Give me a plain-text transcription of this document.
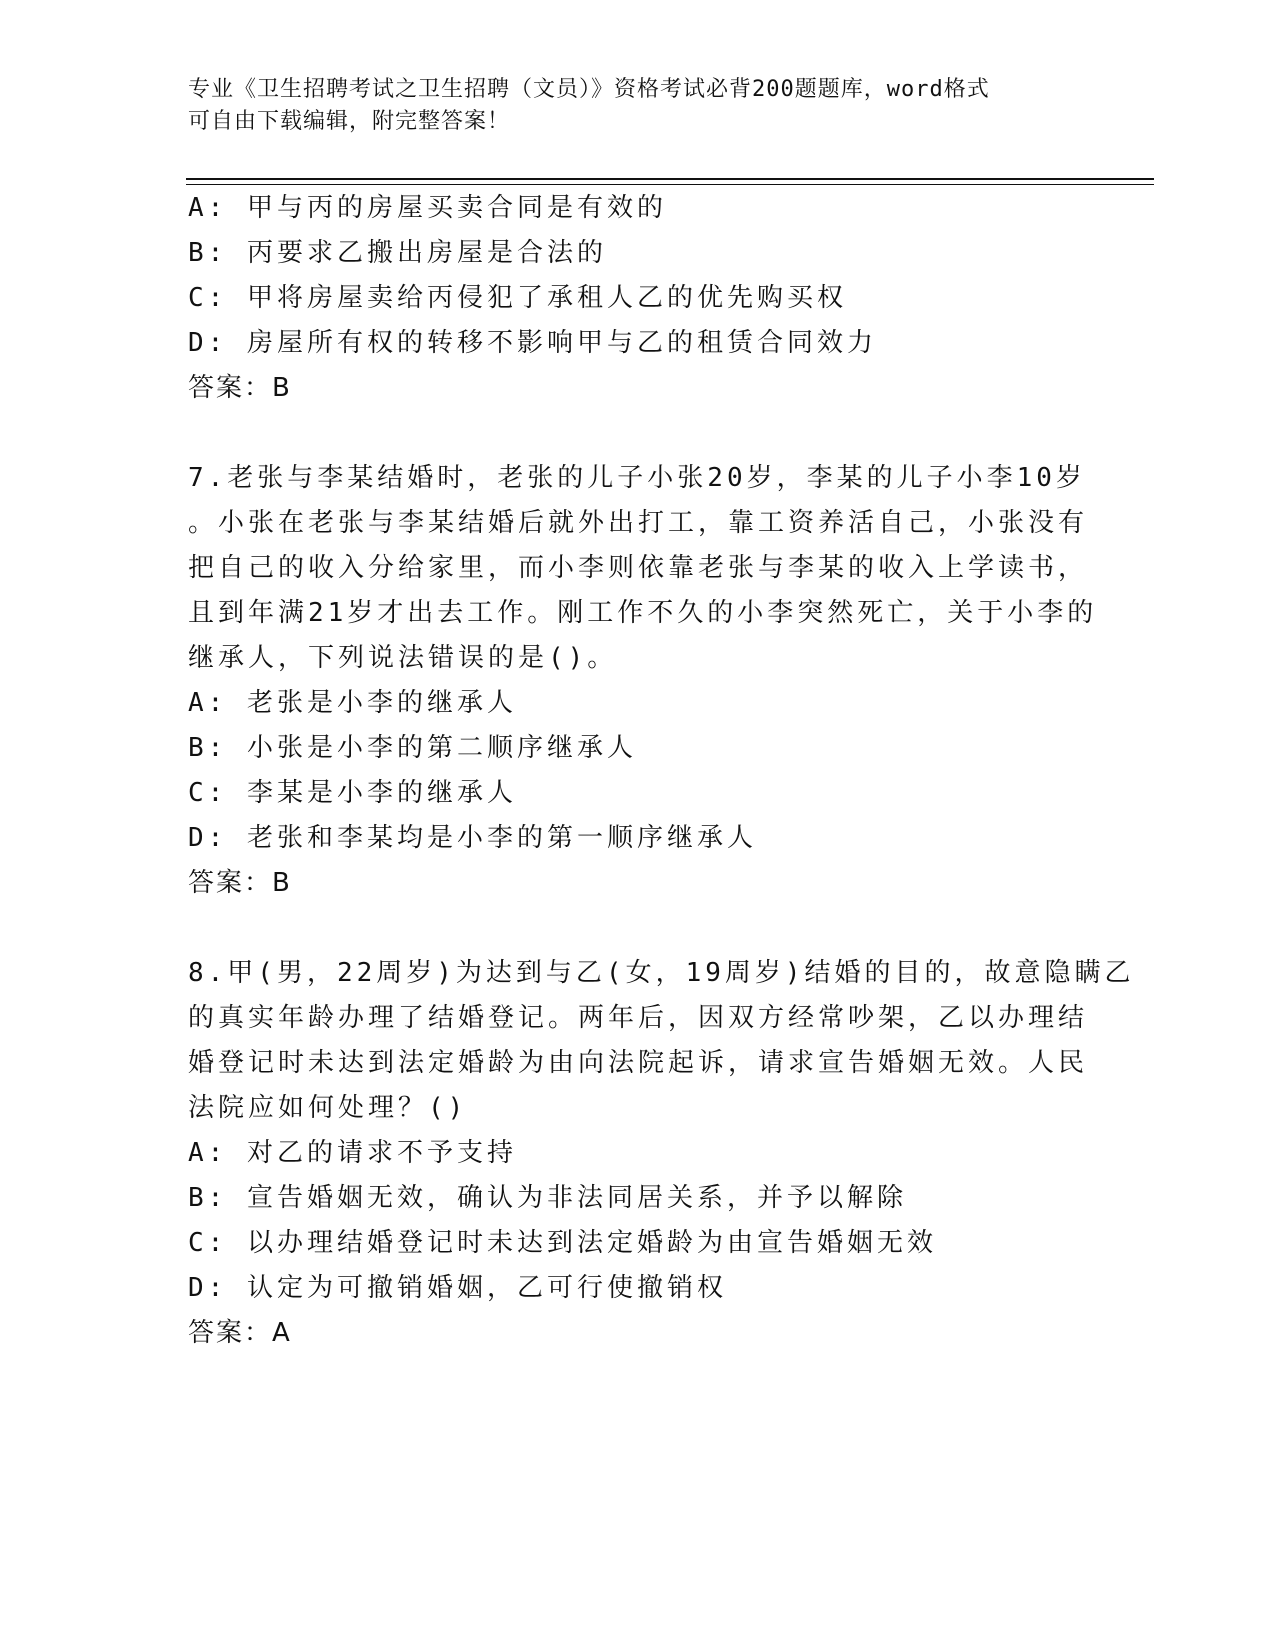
专业《卫生招聘考试之卫生招聘（文员）》资格考试必背200题题库，word格式
可自由下载编辑，附完整答案！
A: 甲与丙的房屋买卖合同是有效的
B: 丙要求乙搬出房屋是合法的
C: 甲将房屋卖给丙侵犯了承租人乙的优先购买权
D: 房屋所有权的转移不影响甲与乙的租赁合同效力
答案：B
7.老张与李某结婚时，老张的儿子小张20岁，李某的儿子小李10岁
。小张在老张与李某结婚后就外出打工，靠工资养活自己，小张没有
把自己的收入分给家里，而小李则依靠老张与李某的收入上学读书，
且到年满21岁才出去工作。刚工作不久的小李突然死亡，关于小李的
继承人，下列说法错误的是()。
A: 老张是小李的继承人
B: 小张是小李的第二顺序继承人
C: 李某是小李的继承人
D: 老张和李某均是小李的第一顺序继承人
答案：B
8.甲(男，22周岁)为达到与乙(女，19周岁)结婚的目的，故意隐瞒乙
的真实年龄办理了结婚登记。两年后，因双方经常吵架，乙以办理结
婚登记时未达到法定婚龄为由向法院起诉，请求宣告婚姻无效。人民
法院应如何处理？()
A: 对乙的请求不予支持
B: 宣告婚姻无效，确认为非法同居关系，并予以解除
C: 以办理结婚登记时未达到法定婚龄为由宣告婚姻无效
D: 认定为可撤销婚姻，乙可行使撤销权
答案：A
